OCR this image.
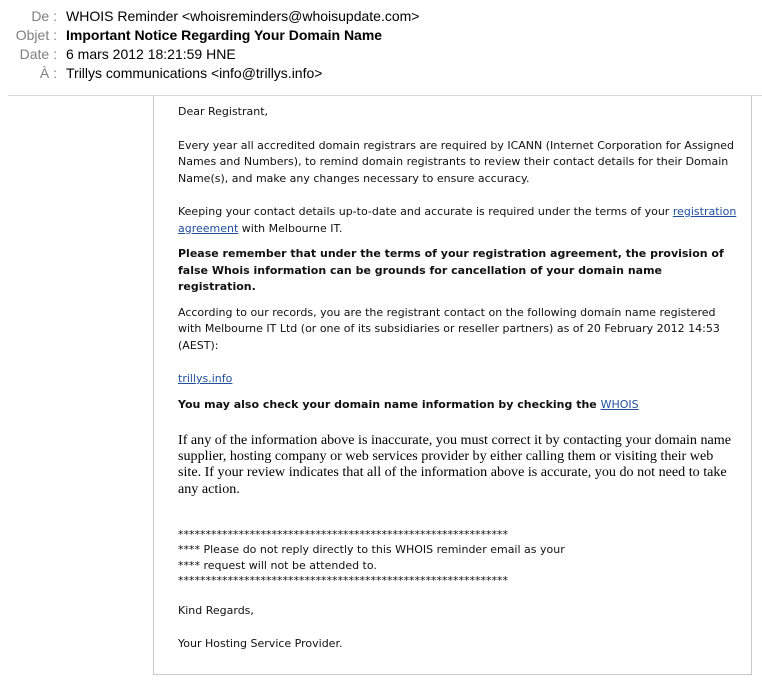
De : WHOIS Reminder <whoisreminders@whoisupdate.com>
Objet : Important Notice Regarding Your Domain Name
Date : 6 mars 2012 18:21:59 HNE
À : Trillys communications <info@trillys.info>

Dear Registrant,

Every year all accredited domain registrars are required by ICANN (Internet Corporation for Assigned Names and Numbers), to remind domain registrants to review their contact details for their Domain Name(s), and make any changes necessary to ensure accuracy.

Keeping your contact details up-to-date and accurate is required under the terms of your registration agreement with Melbourne IT.

Please remember that under the terms of your registration agreement, the provision of false Whois information can be grounds for cancellation of your domain name registration.

According to our records, you are the registrant contact on the following domain name registered with Melbourne IT Ltd (or one of its subsidiaries or reseller partners) as of 20 February 2012 14:53 (AEST):

trillys.info

You may also check your domain name information by checking the WHOIS

If any of the information above is inaccurate, you must correct it by contacting your domain name supplier, hosting company or web services provider by either calling them or visiting their web site. If your review indicates that all of the information above is accurate, you do not need to take any action.

************************************************************

**** Please do not reply directly to this WHOIS reminder email as your

**** request will not be attended to.

************************************************************

Kind Regards,

Your Hosting Service Provider.
